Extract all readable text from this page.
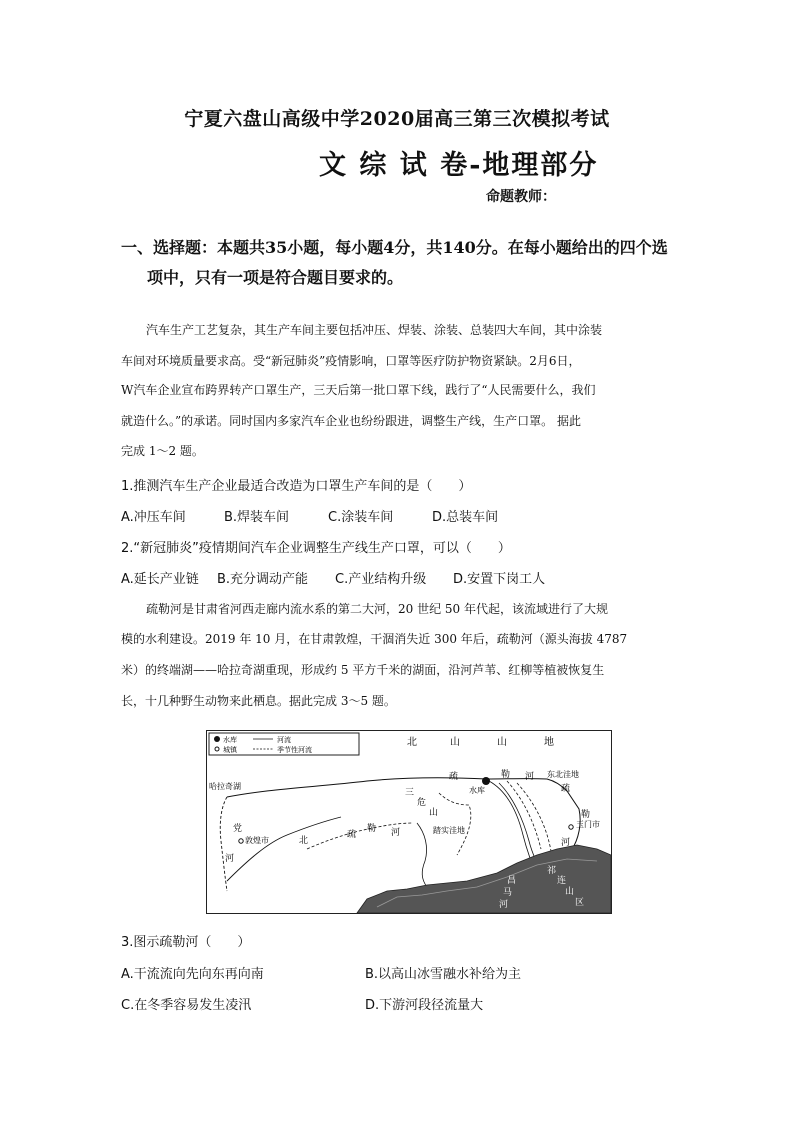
宁夏六盘山高级中学2020届高三第三次模拟考试
文 综 试 卷-地理部分
命题教师：
一、选择题：本题共35小题，每小题4分，共140分。在每小题给出的四个选
项中，只有一项是符合题目要求的。
汽车生产工艺复杂，其生产车间主要包括冲压、焊装、涂装、总装四大车间，其中涂装
车间对环境质量要求高。受“新冠肺炎”疫情影响，口罩等医疗防护物资紧缺。2月6日，
W汽车企业宣布跨界转产口罩生产，三天后第一批口罩下线，践行了“人民需要什么，我们
就造什么。”的承诺。同时国内多家汽车企业也纷纷跟进，调整生产线，生产口罩。 据此
完成 1～2 题。
1.推测汽车生产企业最适合改造为口罩生产车间的是（　　）
A.冲压车间	B.焊装车间	C.涂装车间	D.总装车间
2.“新冠肺炎”疫情期间汽车企业调整生产线生产口罩，可以（　　）
A.延长产业链 B.充分调动产能 C.产业结构升级 D.安置下岗工人
疏勒河是甘肃省河西走廊内流水系的第二大河，20 世纪 50 年代起，该流域进行了大规
模的水利建设。2019 年 10 月，在甘肃敦煌，干涸消失近 300 年后，疏勒河（源头海拔 4787
米）的终端湖——哈拉奇湖重现，形成约 5 平方千米的湖面，沿河芦苇、红柳等植被恢复生
长，十几种野生动物来此栖息。据此完成 3～5 题。
水库
城镇
河流
季节性河流
北	山	山	地
水库
敦煌市
玉门市
哈拉奇湖
东北洼地
踏实洼地
三
危
山
疏	勒 河
疏
勒
河
疏
勒 河
党
河
北
祁
连
山
区
昌
马
河
3.图示疏勒河（　　）
A.干流流向先向东再向南	B.以高山冰雪融水补给为主
C.在冬季容易发生凌汛	D.下游河段径流量大
